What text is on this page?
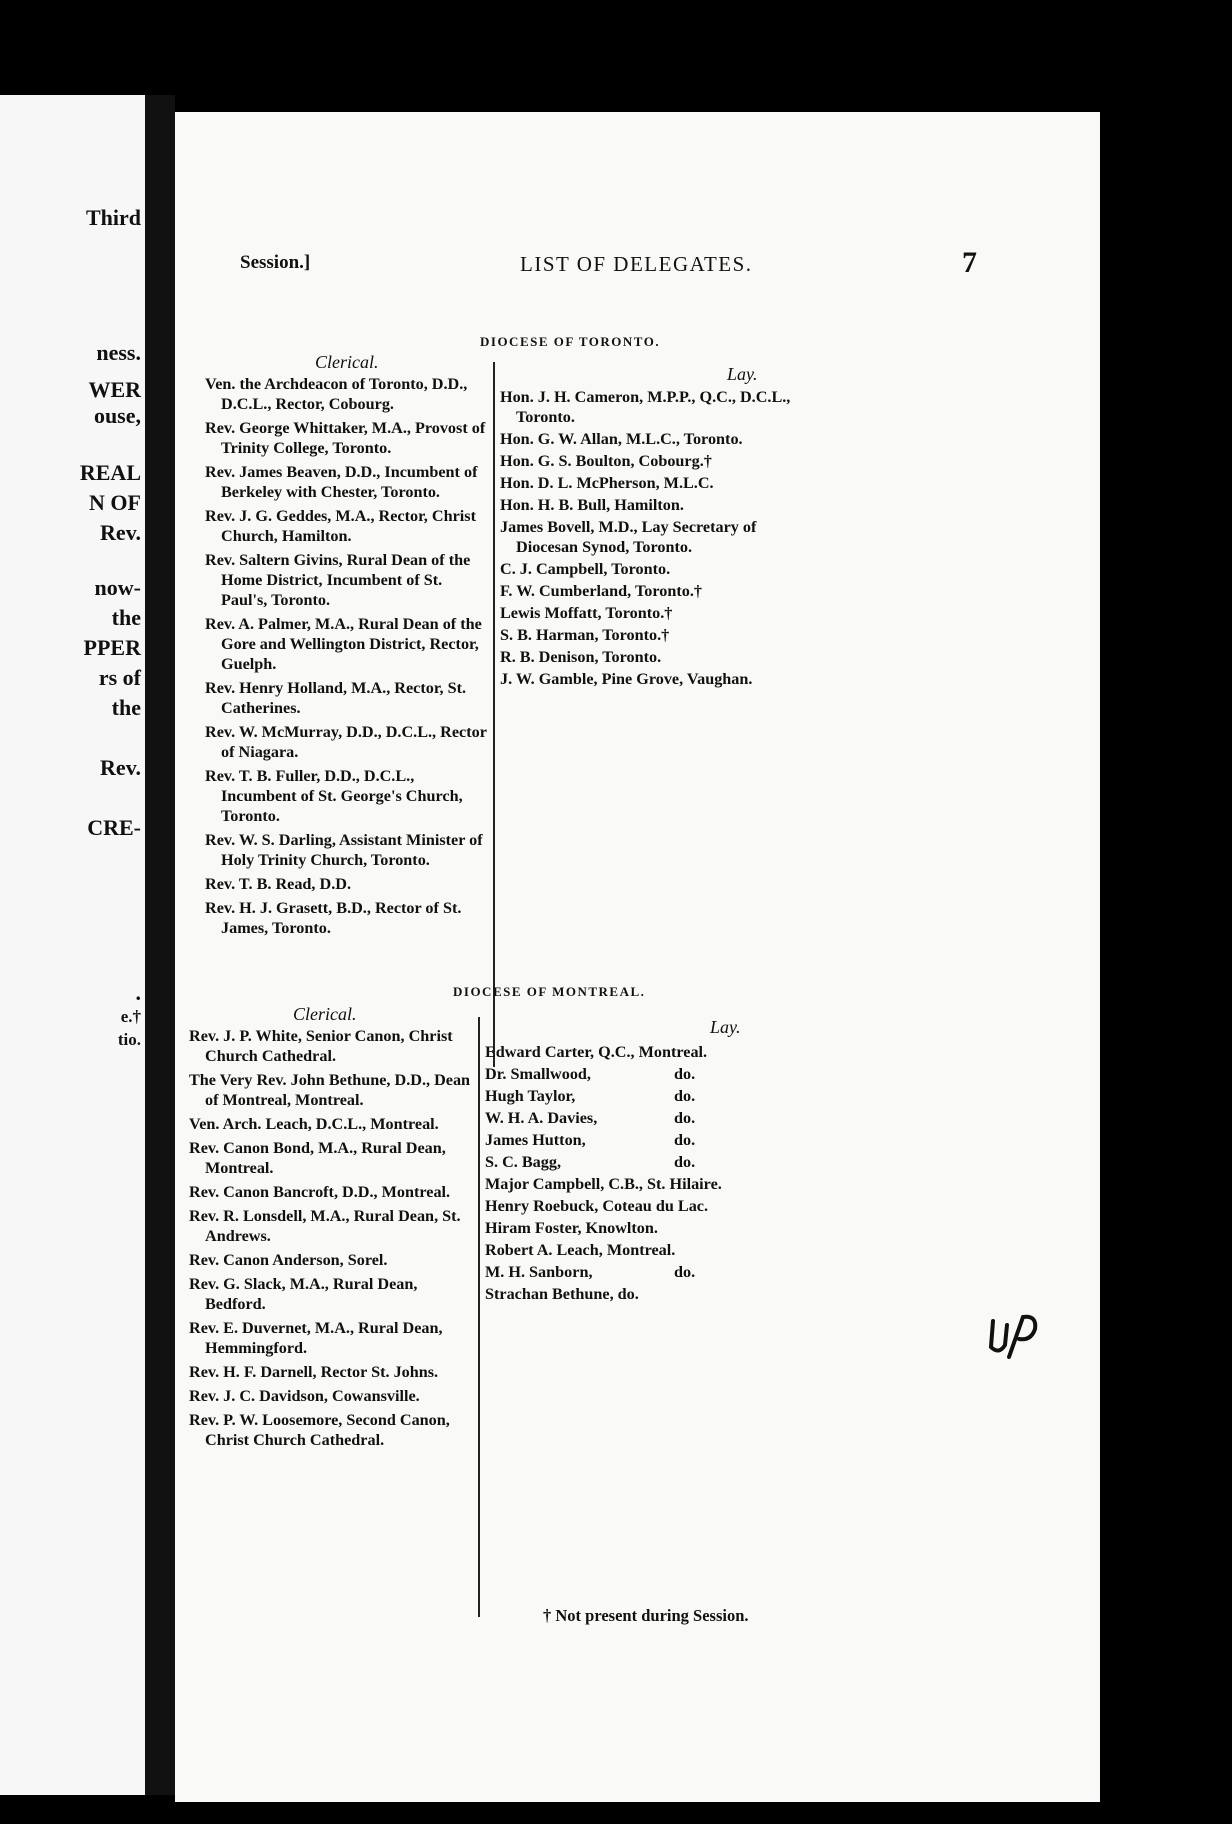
Third
ness.
WER
ouse,
REAL
N OF
Rev.
now-
the
PPER
rs of
the
Rev.
CRE-
.
e.†
tio.
Session.]	LIST OF DELEGATES.	7
DIOCESE OF TORONTO.
Clerical.
Lay.
Ven. the Archdeacon of Toronto, D.D., D.C.L., Rector, Cobourg.
Rev. George Whittaker, M.A., Provost of Trinity College, Toronto.
Rev. James Beaven, D.D., Incumbent of Berkeley with Chester, Toronto.
Rev. J. G. Geddes, M.A., Rector, Christ Church, Hamilton.
Rev. Saltern Givins, Rural Dean of the Home District, Incumbent of St. Paul's, Toronto.
Rev. A. Palmer, M.A., Rural Dean of the Gore and Wellington District, Rector, Guelph.
Rev. Henry Holland, M.A., Rector, St. Catherines.
Rev. W. McMurray, D.D., D.C.L., Rector of Niagara.
Rev. T. B. Fuller, D.D., D.C.L., Incumbent of St. George's Church, Toronto.
Rev. W. S. Darling, Assistant Minister of Holy Trinity Church, Toronto.
Rev. T. B. Read, D.D.
Rev. H. J. Grasett, B.D., Rector of St. James, Toronto.
Hon. J. H. Cameron, M.P.P., Q.C., D.C.L., Toronto.
Hon. G. W. Allan, M.L.C., Toronto.
Hon. G. S. Boulton, Cobourg.†
Hon. D. L. McPherson, M.L.C.
Hon. H. B. Bull, Hamilton.
James Bovell, M.D., Lay Secretary of Diocesan Synod, Toronto.
C. J. Campbell, Toronto.
F. W. Cumberland, Toronto.†
Lewis Moffatt, Toronto.†
S. B. Harman, Toronto.†
R. B. Denison, Toronto.
J. W. Gamble, Pine Grove, Vaughan.
DIOCESE OF MONTREAL.
Clerical.
Lay.
Rev. J. P. White, Senior Canon, Christ Church Cathedral.
The Very Rev. John Bethune, D.D., Dean of Montreal, Montreal.
Ven. Arch. Leach, D.C.L., Montreal.
Rev. Canon Bond, M.A., Rural Dean, Montreal.
Rev. Canon Bancroft, D.D., Montreal.
Rev. R. Lonsdell, M.A., Rural Dean, St. Andrews.
Rev. Canon Anderson, Sorel.
Rev. G. Slack, M.A., Rural Dean, Bedford.
Rev. E. Duvernet, M.A., Rural Dean, Hemmingford.
Rev. H. F. Darnell, Rector St. Johns.
Rev. J. C. Davidson, Cowansville.
Rev. P. W. Loosemore, Second Canon, Christ Church Cathedral.
Edward Carter, Q.C., Montreal.
Dr. Smallwood,	do.
Hugh Taylor,	do.
W. H. A. Davies,	do.
James Hutton,	do.
S. C. Bagg,	do.
Major Campbell, C.B., St. Hilaire.
Henry Roebuck, Coteau du Lac.
Hiram Foster, Knowlton.
Robert A. Leach, Montreal.
M. H. Sanborn,	do.
Strachan Bethune, do.
† Not present during Session.
